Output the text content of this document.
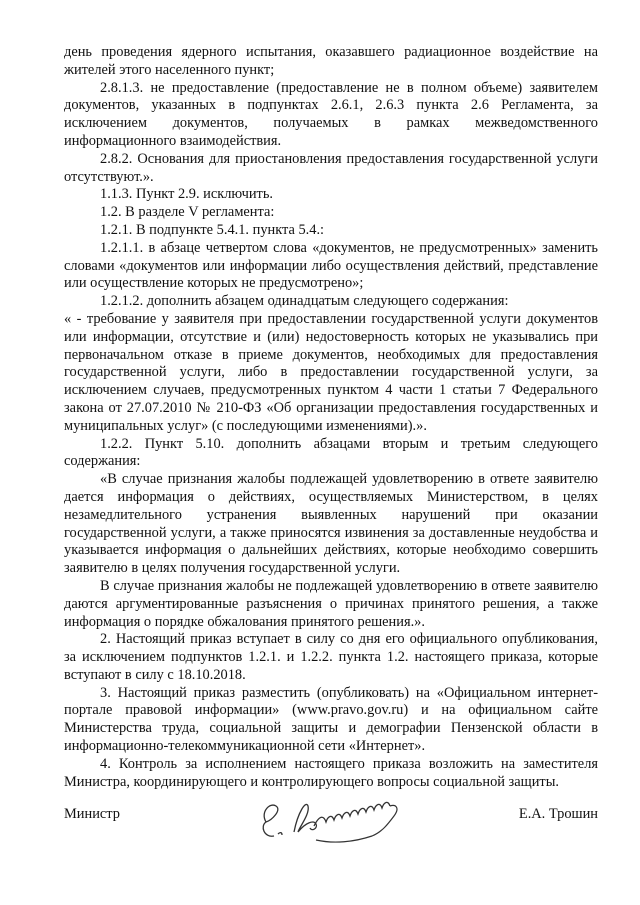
день проведения ядерного испытания, оказавшего радиационное воздействие на жителей этого населенного пункт;

2.8.1.3. не предоставление (предоставление не в полном объеме) заявителем документов, указанных в подпунктах 2.6.1, 2.6.3 пункта 2.6 Регламента, за исключением документов, получаемых в рамках межведомственного информационного взаимодействия.

2.8.2. Основания для приостановления предоставления государственной услуги отсутствуют.».

1.1.3. Пункт 2.9. исключить.

1.2. В разделе V регламента:

1.2.1. В подпункте 5.4.1. пункта 5.4.:

1.2.1.1. в абзаце четвертом слова «документов, не предусмотренных» заменить словами «документов или информации либо осуществления действий, представление или осуществление которых не предусмотрено»;

1.2.1.2. дополнить абзацем одинадцатым следующего содержания:

« - требование у заявителя при предоставлении государственной услуги документов или информации, отсутствие и (или) недостоверность которых не указывались при первоначальном отказе в приеме документов, необходимых для предоставления государственной услуги, либо в предоставлении государственной услуги, за исключением случаев, предусмотренных пунктом 4 части 1 статьи 7 Федерального закона от 27.07.2010 № 210-ФЗ «Об организации предоставления государственных и муниципальных услуг» (с последующими изменениями).».

1.2.2. Пункт 5.10. дополнить абзацами вторым и третьим следующего содержания:

«В случае признания жалобы подлежащей удовлетворению в ответе заявителю дается информация о действиях, осуществляемых Министерством, в целях незамедлительного устранения выявленных нарушений при оказании государственной услуги, а также приносятся извинения за доставленные неудобства и указывается информация о дальнейших действиях, которые необходимо совершить заявителю в целях получения государственной услуги.

В случае признания жалобы не подлежащей удовлетворению в ответе заявителю даются аргументированные разъяснения о причинах принятого решения, а также информация о порядке обжалования принятого решения.».

2. Настоящий приказ вступает в силу со дня его официального опубликования, за исключением подпунктов 1.2.1. и 1.2.2. пункта 1.2. настоящего приказа, которые вступают в силу с 18.10.2018.

3. Настоящий приказ разместить (опубликовать) на «Официальном интернет-портале правовой информации» (www.pravo.gov.ru) и на официальном сайте Министерства труда, социальной защиты и демографии Пензенской области в информационно-телекоммуникационной сети «Интернет».

4. Контроль за исполнением настоящего приказа возложить на заместителя Министра, координирующего и контролирующего вопросы социальной защиты.

Министр	Е.А. Трошин
